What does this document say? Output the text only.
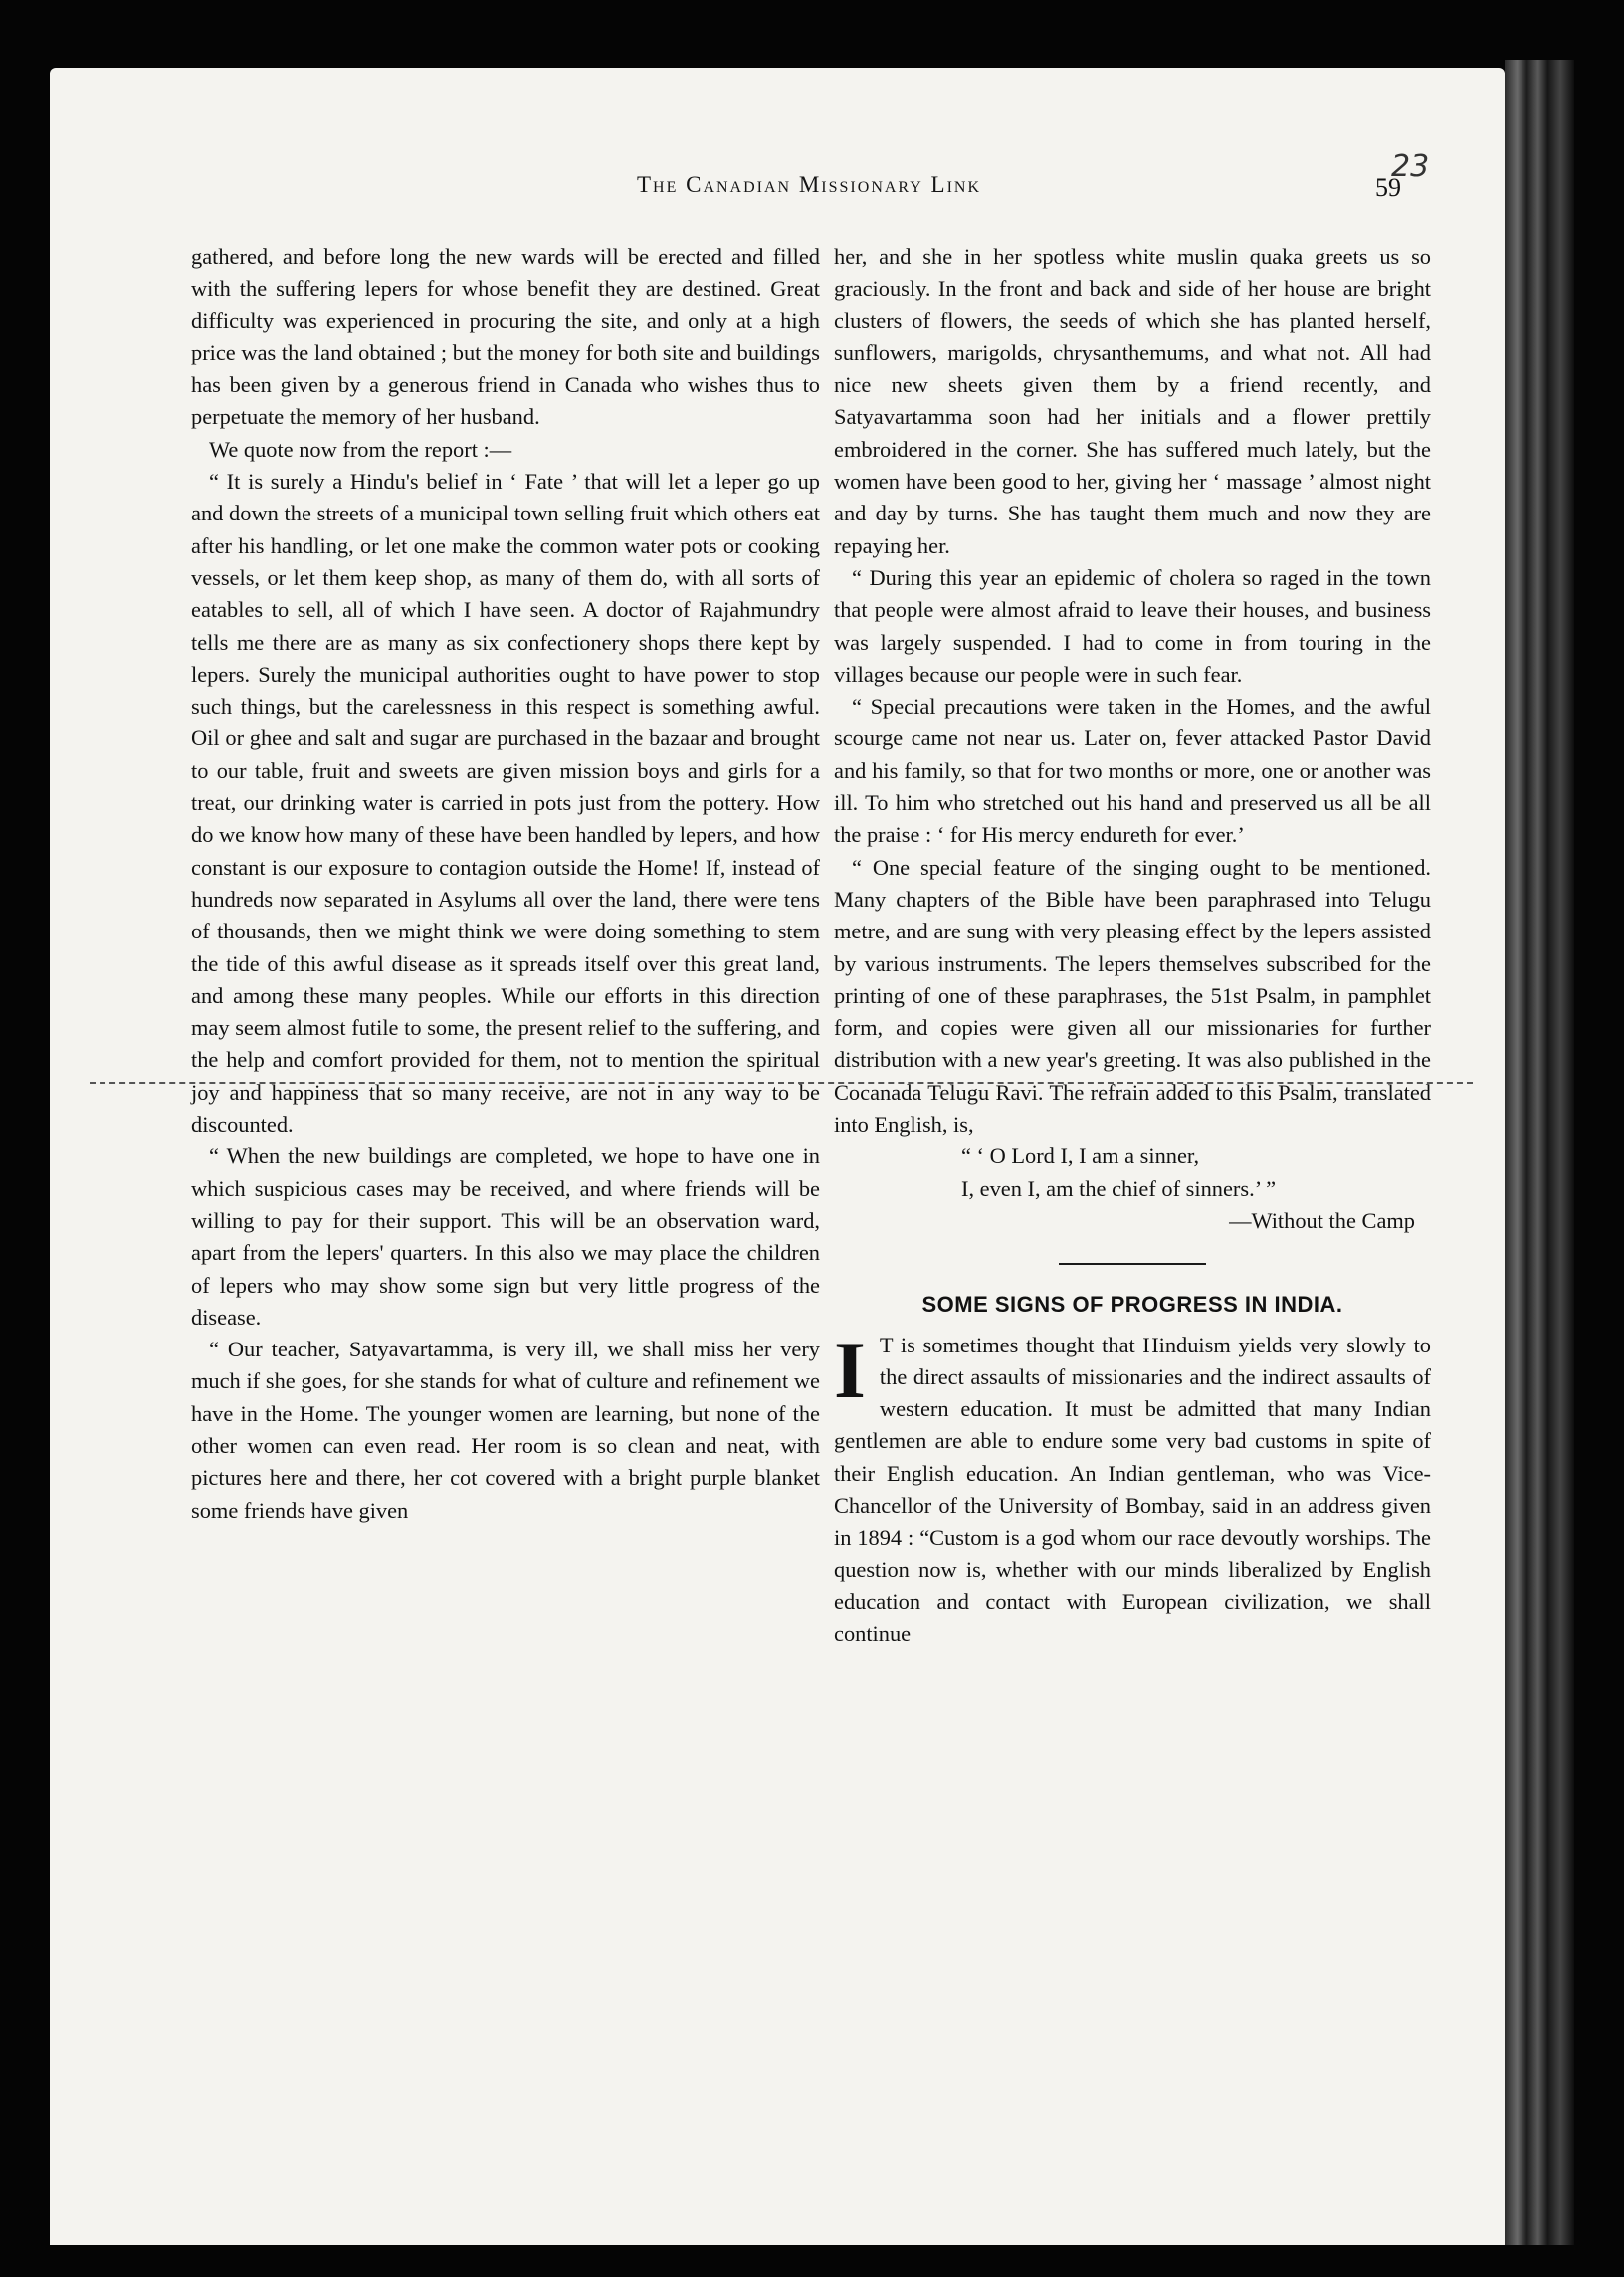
The Canadian Missionary Link
23
59

gathered, and before long the new wards will be erected and filled with the suffering lepers for whose benefit they are destined. Great difficulty was experienced in procuring the site, and only at a high price was the land obtained ; but the money for both site and buildings has been given by a generous friend in Canada who wishes thus to perpetuate the memory of her husband.

We quote now from the report :—

“ It is surely a Hindu's belief in ‘ Fate ’ that will let a leper go up and down the streets of a municipal town selling fruit which others eat after his handling, or let one make the common water pots or cooking vessels, or let them keep shop, as many of them do, with all sorts of eatables to sell, all of which I have seen. A doctor of Rajahmundry tells me there are as many as six confectionery shops there kept by lepers. Surely the municipal authorities ought to have power to stop such things, but the carelessness in this respect is something awful. Oil or ghee and salt and sugar are purchased in the bazaar and brought to our table, fruit and sweets are given mission boys and girls for a treat, our drinking water is carried in pots just from the pottery. How do we know how many of these have been handled by lepers, and how constant is our exposure to contagion outside the Home! If, instead of hundreds now separated in Asylums all over the land, there were tens of thousands, then we might think we were doing something to stem the tide of this awful disease as it spreads itself over this great land, and among these many peoples. While our efforts in this direction may seem almost futile to some, the present relief to the suffering, and the help and comfort provided for them, not to mention the spiritual joy and happiness that so many receive, are not in any way to be discounted.

“ When the new buildings are completed, we hope to have one in which suspicious cases may be received, and where friends will be willing to pay for their support. This will be an observation ward, apart from the lepers' quarters. In this also we may place the children of lepers who may show some sign but very little progress of the disease.

“ Our teacher, Satyavartamma, is very ill, we shall miss her very much if she goes, for she stands for what of culture and refinement we have in the Home. The younger women are learning, but none of the other women can even read. Her room is so clean and neat, with pictures here and there, her cot covered with a bright purple blanket some friends have given

her, and she in her spotless white muslin quaka greets us so graciously. In the front and back and side of her house are bright clusters of flowers, the seeds of which she has planted herself, sunflowers, marigolds, chrysanthemums, and what not. All had nice new sheets given them by a friend recently, and Satyavartamma soon had her initials and a flower prettily embroidered in the corner. She has suffered much lately, but the women have been good to her, giving her ‘ massage ’ almost night and day by turns. She has taught them much and now they are repaying her.

“ During this year an epidemic of cholera so raged in the town that people were almost afraid to leave their houses, and business was largely suspended. I had to come in from touring in the villages because our people were in such fear.

“ Special precautions were taken in the Homes, and the awful scourge came not near us. Later on, fever attacked Pastor David and his family, so that for two months or more, one or another was ill. To him who stretched out his hand and preserved us all be all the praise : ‘ for His mercy endureth for ever.’

“ One special feature of the singing ought to be mentioned. Many chapters of the Bible have been paraphrased into Telugu metre, and are sung with very pleasing effect by the lepers assisted by various instruments. The lepers themselves subscribed for the printing of one of these paraphrases, the 51st Psalm, in pamphlet form, and copies were given all our missionaries for further distribution with a new year's greeting. It was also published in the Cocanada Telugu Ravi. The refrain added to this Psalm, translated into English, is,

“ ‘ O Lord I, I am a sinner,

I, even I, am the chief of sinners.’ ”

—Without the Camp

SOME SIGNS OF PROGRESS IN INDIA.

I T is sometimes thought that Hinduism yields very slowly to the direct assaults of missionaries and the indirect assaults of western education. It must be admitted that many Indian gentlemen are able to endure some very bad customs in spite of their English education. An Indian gentleman, who was Vice-Chancellor of the University of Bombay, said in an address given in 1894 : “Custom is a god whom our race devoutly worships. The question now is, whether with our minds liberalized by English education and contact with European civilization, we shall continue
